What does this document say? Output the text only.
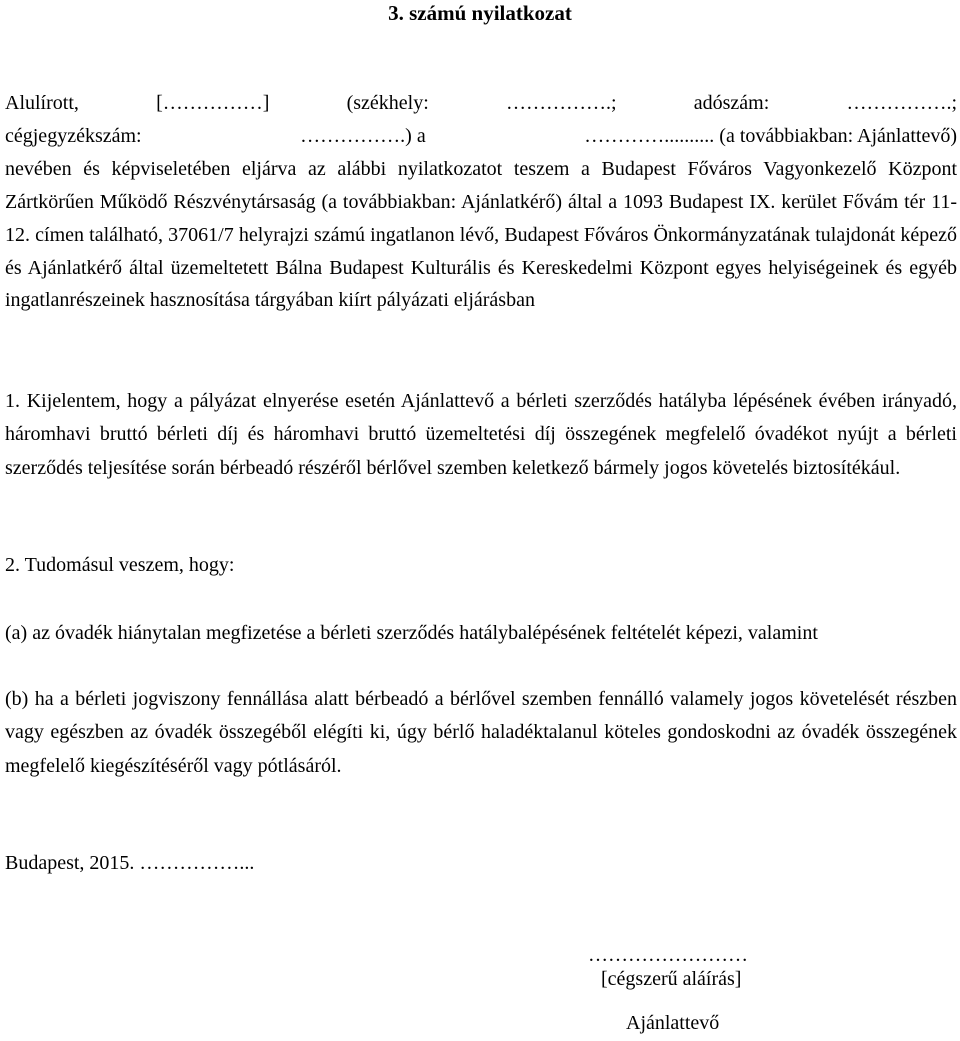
3. számú nyilatkozat

Alulírott,	[……………]	(székhely:	…………….;	adószám:	…………….;
cégjegyzékszám:	…………….) a	………….......... (a továbbiakban: Ajánlattevő)
nevében és képviseletében eljárva az alábbi nyilatkozatot teszem a Budapest Főváros Vagyonkezelő Központ Zártkörűen Működő Részvénytársaság (a továbbiakban: Ajánlatkérő) által a 1093 Budapest IX. kerület Fővám tér 11-12. címen található, 37061/7 helyrajzi számú ingatlanon lévő, Budapest Főváros Önkormányzatának tulajdonát képező és Ajánlatkérő által üzemeltetett Bálna Budapest Kulturális és Kereskedelmi Központ egyes helyiségeinek és egyéb ingatlanrészeinek hasznosítása tárgyában kiírt pályázati eljárásban

1. Kijelentem, hogy a pályázat elnyerése esetén Ajánlattevő a bérleti szerződés hatályba lépésének évében irányadó, háromhavi bruttó bérleti díj és háromhavi bruttó üzemeltetési díj összegének megfelelő óvadékot nyújt a bérleti szerződés teljesítése során bérbeadó részéről bérlővel szemben keletkező bármely jogos követelés biztosítékául.

2. Tudomásul veszem, hogy:

(a) az óvadék hiánytalan megfizetése a bérleti szerződés hatálybalépésének feltételét képezi, valamint

(b) ha a bérleti jogviszony fennállása alatt bérbeadó a bérlővel szemben fennálló valamely jogos követelését részben vagy egészben az óvadék összegéből elégíti ki, úgy bérlő haladéktalanul köteles gondoskodni az óvadék összegének megfelelő kiegészítéséről vagy pótlásáról.

Budapest, 2015. ……………...

……………………

[cégszerű aláírás]

Ajánlattevő
